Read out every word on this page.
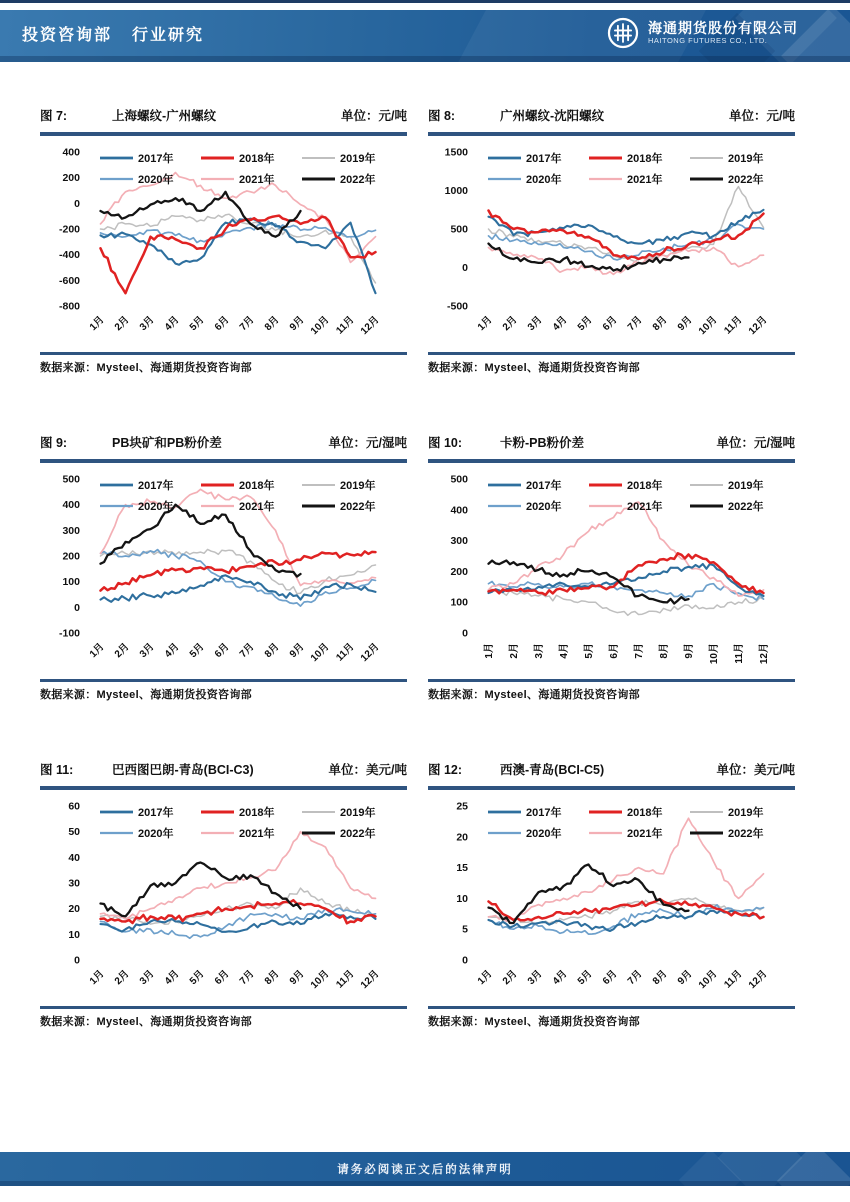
投资咨询部 行业研究	海通期货股份有限公司
HAITONG FUTURES CO., LTD.
图 7:	上海螺纹-广州螺纹	单位：元/吨
400
200
0
-200
-400
-600
-800
1月 2月 3月 4月 5月 6月 7月 8月 9月 10月 11月 12月
2017年	2018年	2019年
2020年	2021年	2022年
数据来源：Mysteel、海通期货投资咨询部
图 8:	广州螺纹-沈阳螺纹	单位：元/吨
1500
1000
500
0
-500
1月 2月 3月 4月 5月 6月 7月 8月 9月 10月 11月 12月
2017年	2018年	2019年
2020年	2021年	2022年
数据来源：Mysteel、海通期货投资咨询部
图 9:	PB块矿和PB粉价差	单位：元/湿吨
500
400
300
200
100
0
-100
1月 2月 3月 4月 5月 6月 7月 8月 9月 10月 11月 12月
2017年	2018年	2019年
2020年	2021年	2022年
数据来源：Mysteel、海通期货投资咨询部
图 10:	卡粉-PB粉价差	单位：元/湿吨
500
400
300
200
100
0
1月 2月 3月 4月 5月 6月 7月 8月 9月 10月 11月 12月
2017年	2018年	2019年
2020年	2021年	2022年
数据来源：Mysteel、海通期货投资咨询部
图 11:	巴西图巴朗-青岛(BCI-C3)	单位：美元/吨
60
50
40
30
20
10
0
1月 2月 3月 4月 5月 6月 7月 8月 9月 10月 11月 12月
2017年	2018年	2019年
2020年	2021年	2022年
数据来源：Mysteel、海通期货投资咨询部
图 12:	西澳-青岛(BCI-C5)	单位：美元/吨
25
20
15
10
5
0
1月 2月 3月 4月 5月 6月 7月 8月 9月 10月 11月 12月
2017年	2018年	2019年
2020年	2021年	2022年
数据来源：Mysteel、海通期货投资咨询部
请务必阅读正文后的法律声明
